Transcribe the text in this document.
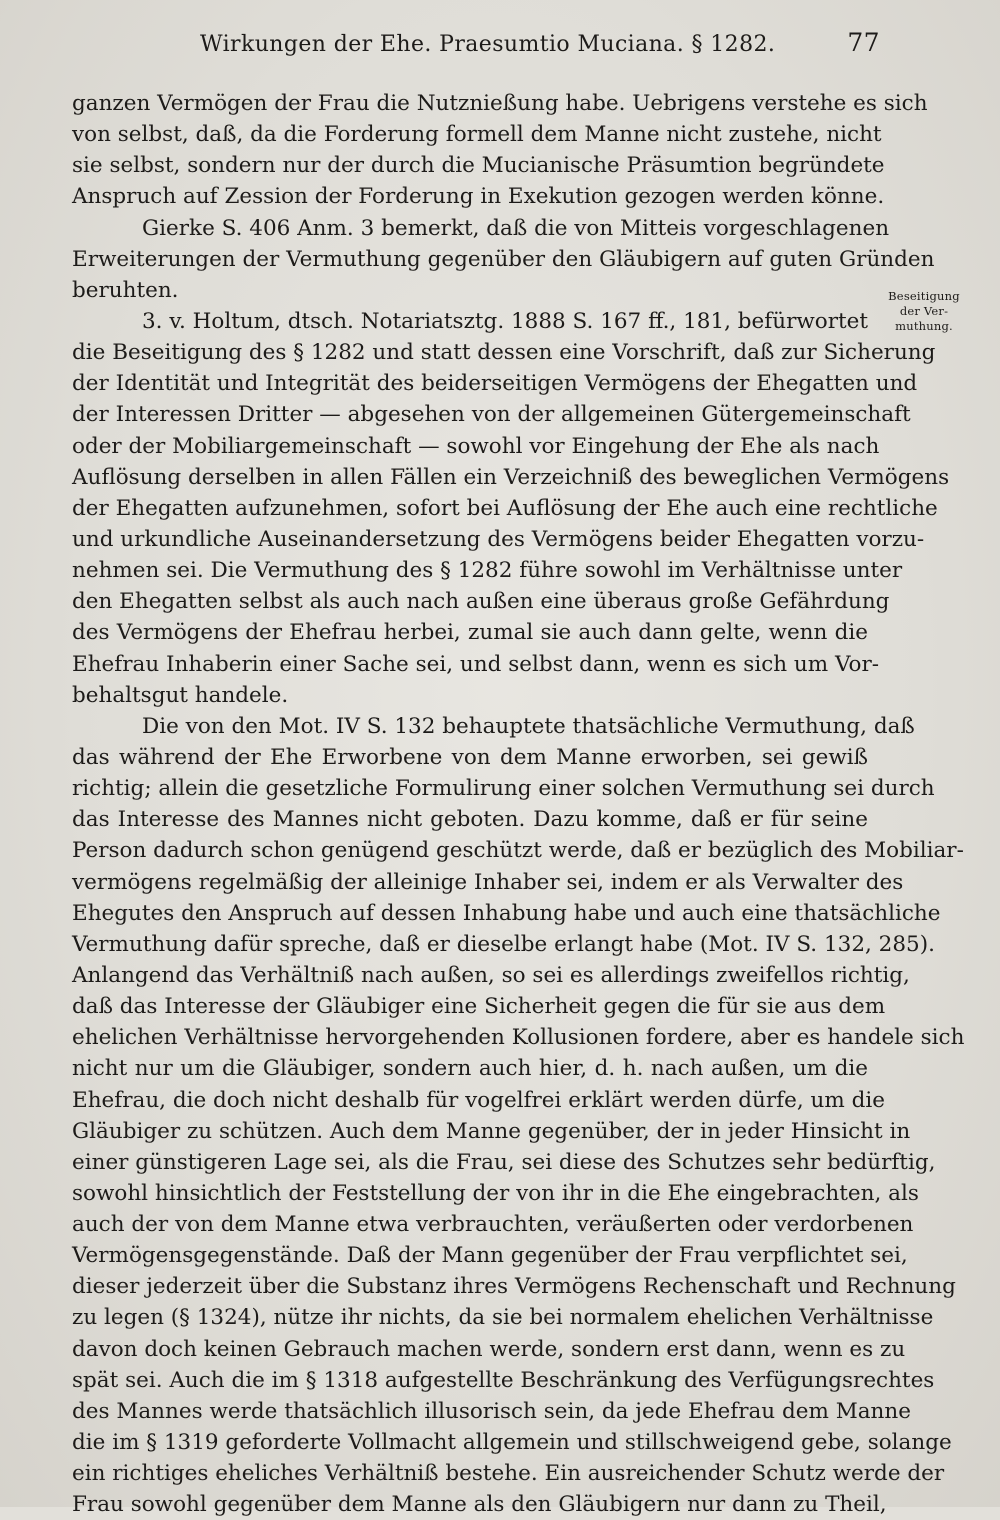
Wirkungen der Ehe. Praesumtio Muciana. § 1282.	77
ganzen Vermögen der Frau die Nutznießung habe. Uebrigens verstehe es sich
von selbst, daß, da die Forderung formell dem Manne nicht zustehe, nicht
sie selbst, sondern nur der durch die Mucianische Präsumtion begründete
Anspruch auf Zession der Forderung in Exekution gezogen werden könne.
Gierke S. 406 Anm. 3 bemerkt, daß die von Mitteis vorgeschlagenen
Erweiterungen der Vermuthung gegenüber den Gläubigern auf guten Gründen
beruhten.
3. v. Holtum, dtsch. Notariatsztg. 1888 S. 167 ff., 181, befürwortet
die Beseitigung des § 1282 und statt dessen eine Vorschrift, daß zur Sicherung
der Identität und Integrität des beiderseitigen Vermögens der Ehegatten und
der Interessen Dritter — abgesehen von der allgemeinen Gütergemeinschaft
oder der Mobiliargemeinschaft — sowohl vor Eingehung der Ehe als nach
Auflösung derselben in allen Fällen ein Verzeichniß des beweglichen Vermögens
der Ehegatten aufzunehmen, sofort bei Auflösung der Ehe auch eine rechtliche
und urkundliche Auseinandersetzung des Vermögens beider Ehegatten vorzu-
nehmen sei. Die Vermuthung des § 1282 führe sowohl im Verhältnisse unter
den Ehegatten selbst als auch nach außen eine überaus große Gefährdung
des Vermögens der Ehefrau herbei, zumal sie auch dann gelte, wenn die
Ehefrau Inhaberin einer Sache sei, und selbst dann, wenn es sich um Vor-
behaltsgut handele.
Die von den Mot. IV S. 132 behauptete thatsächliche Vermuthung, daß
das während der Ehe Erworbene von dem Manne erworben, sei gewiß
richtig; allein die gesetzliche Formulirung einer solchen Vermuthung sei durch
das Interesse des Mannes nicht geboten. Dazu komme, daß er für seine
Person dadurch schon genügend geschützt werde, daß er bezüglich des Mobiliar-
vermögens regelmäßig der alleinige Inhaber sei, indem er als Verwalter des
Ehegutes den Anspruch auf dessen Inhabung habe und auch eine thatsächliche
Vermuthung dafür spreche, daß er dieselbe erlangt habe (Mot. IV S. 132, 285).
Anlangend das Verhältniß nach außen, so sei es allerdings zweifellos richtig,
daß das Interesse der Gläubiger eine Sicherheit gegen die für sie aus dem
ehelichen Verhältnisse hervorgehenden Kollusionen fordere, aber es handele sich
nicht nur um die Gläubiger, sondern auch hier, d. h. nach außen, um die
Ehefrau, die doch nicht deshalb für vogelfrei erklärt werden dürfe, um die
Gläubiger zu schützen. Auch dem Manne gegenüber, der in jeder Hinsicht in
einer günstigeren Lage sei, als die Frau, sei diese des Schutzes sehr bedürftig,
sowohl hinsichtlich der Feststellung der von ihr in die Ehe eingebrachten, als
auch der von dem Manne etwa verbrauchten, veräußerten oder verdorbenen
Vermögensgegenstände. Daß der Mann gegenüber der Frau verpflichtet sei,
dieser jederzeit über die Substanz ihres Vermögens Rechenschaft und Rechnung
zu legen (§ 1324), nütze ihr nichts, da sie bei normalem ehelichen Verhältnisse
davon doch keinen Gebrauch machen werde, sondern erst dann, wenn es zu
spät sei. Auch die im § 1318 aufgestellte Beschränkung des Verfügungsrechtes
des Mannes werde thatsächlich illusorisch sein, da jede Ehefrau dem Manne
die im § 1319 geforderte Vollmacht allgemein und stillschweigend gebe, solange
ein richtiges eheliches Verhältniß bestehe. Ein ausreichender Schutz werde der
Frau sowohl gegenüber dem Manne als den Gläubigern nur dann zu Theil,
Beseitigung
der Ver-
muthung.
